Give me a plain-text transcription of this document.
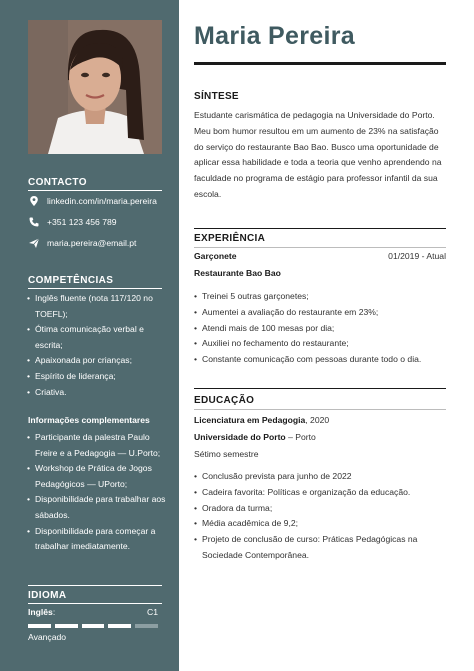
CONTACTO
linkedin.com/in/maria.pereira
+351 123 456 789
maria.pereira@email.pt
COMPETÊNCIAS
• Inglês fluente (nota 117/120 no TOEFL);
• Ótima comunicação verbal e escrita;
• Apaixonada por crianças;
• Espírito de liderança;
• Criativa.
Informações complementares
• Participante da palestra Paulo Freire e a Pedagogia — U.Porto;
• Workshop de Prática de Jogos Pedagógicos — UPorto;
• Disponibilidade para trabalhar aos sábados.
• Disponibilidade para começar a trabalhar imediatamente.
IDIOMA
Inglês:	C1
Avançado
Maria Pereira
SÍNTESE
Estudante carismática de pedagogia na Universidade do Porto. Meu bom humor resultou em um aumento de 23% na satisfação do serviço do restaurante Bao Bao. Busco uma oportunidade de aplicar essa habilidade e toda a teoria que venho aprendendo na faculdade no programa de estágio para professor infantil da sua escola.
EXPERIÊNCIA
Garçonete	01/2019 - Atual
Restaurante Bao Bao
• Treinei 5 outras garçonetes;
• Aumentei a avaliação do restaurante em 23%;
• Atendi mais de 100 mesas por dia;
• Auxiliei no fechamento do restaurante;
• Constante comunicação com pessoas durante todo o dia.
EDUCAÇÃO
Licenciatura em Pedagogia, 2020
Universidade do Porto – Porto
Sétimo semestre
• Conclusão prevista para junho de 2022
• Cadeira favorita: Políticas e organização da educação.
• Oradora da turma;
• Média acadêmica de 9,2;
• Projeto de conclusão de curso: Práticas Pedagógicas na Sociedade Contemporânea.
